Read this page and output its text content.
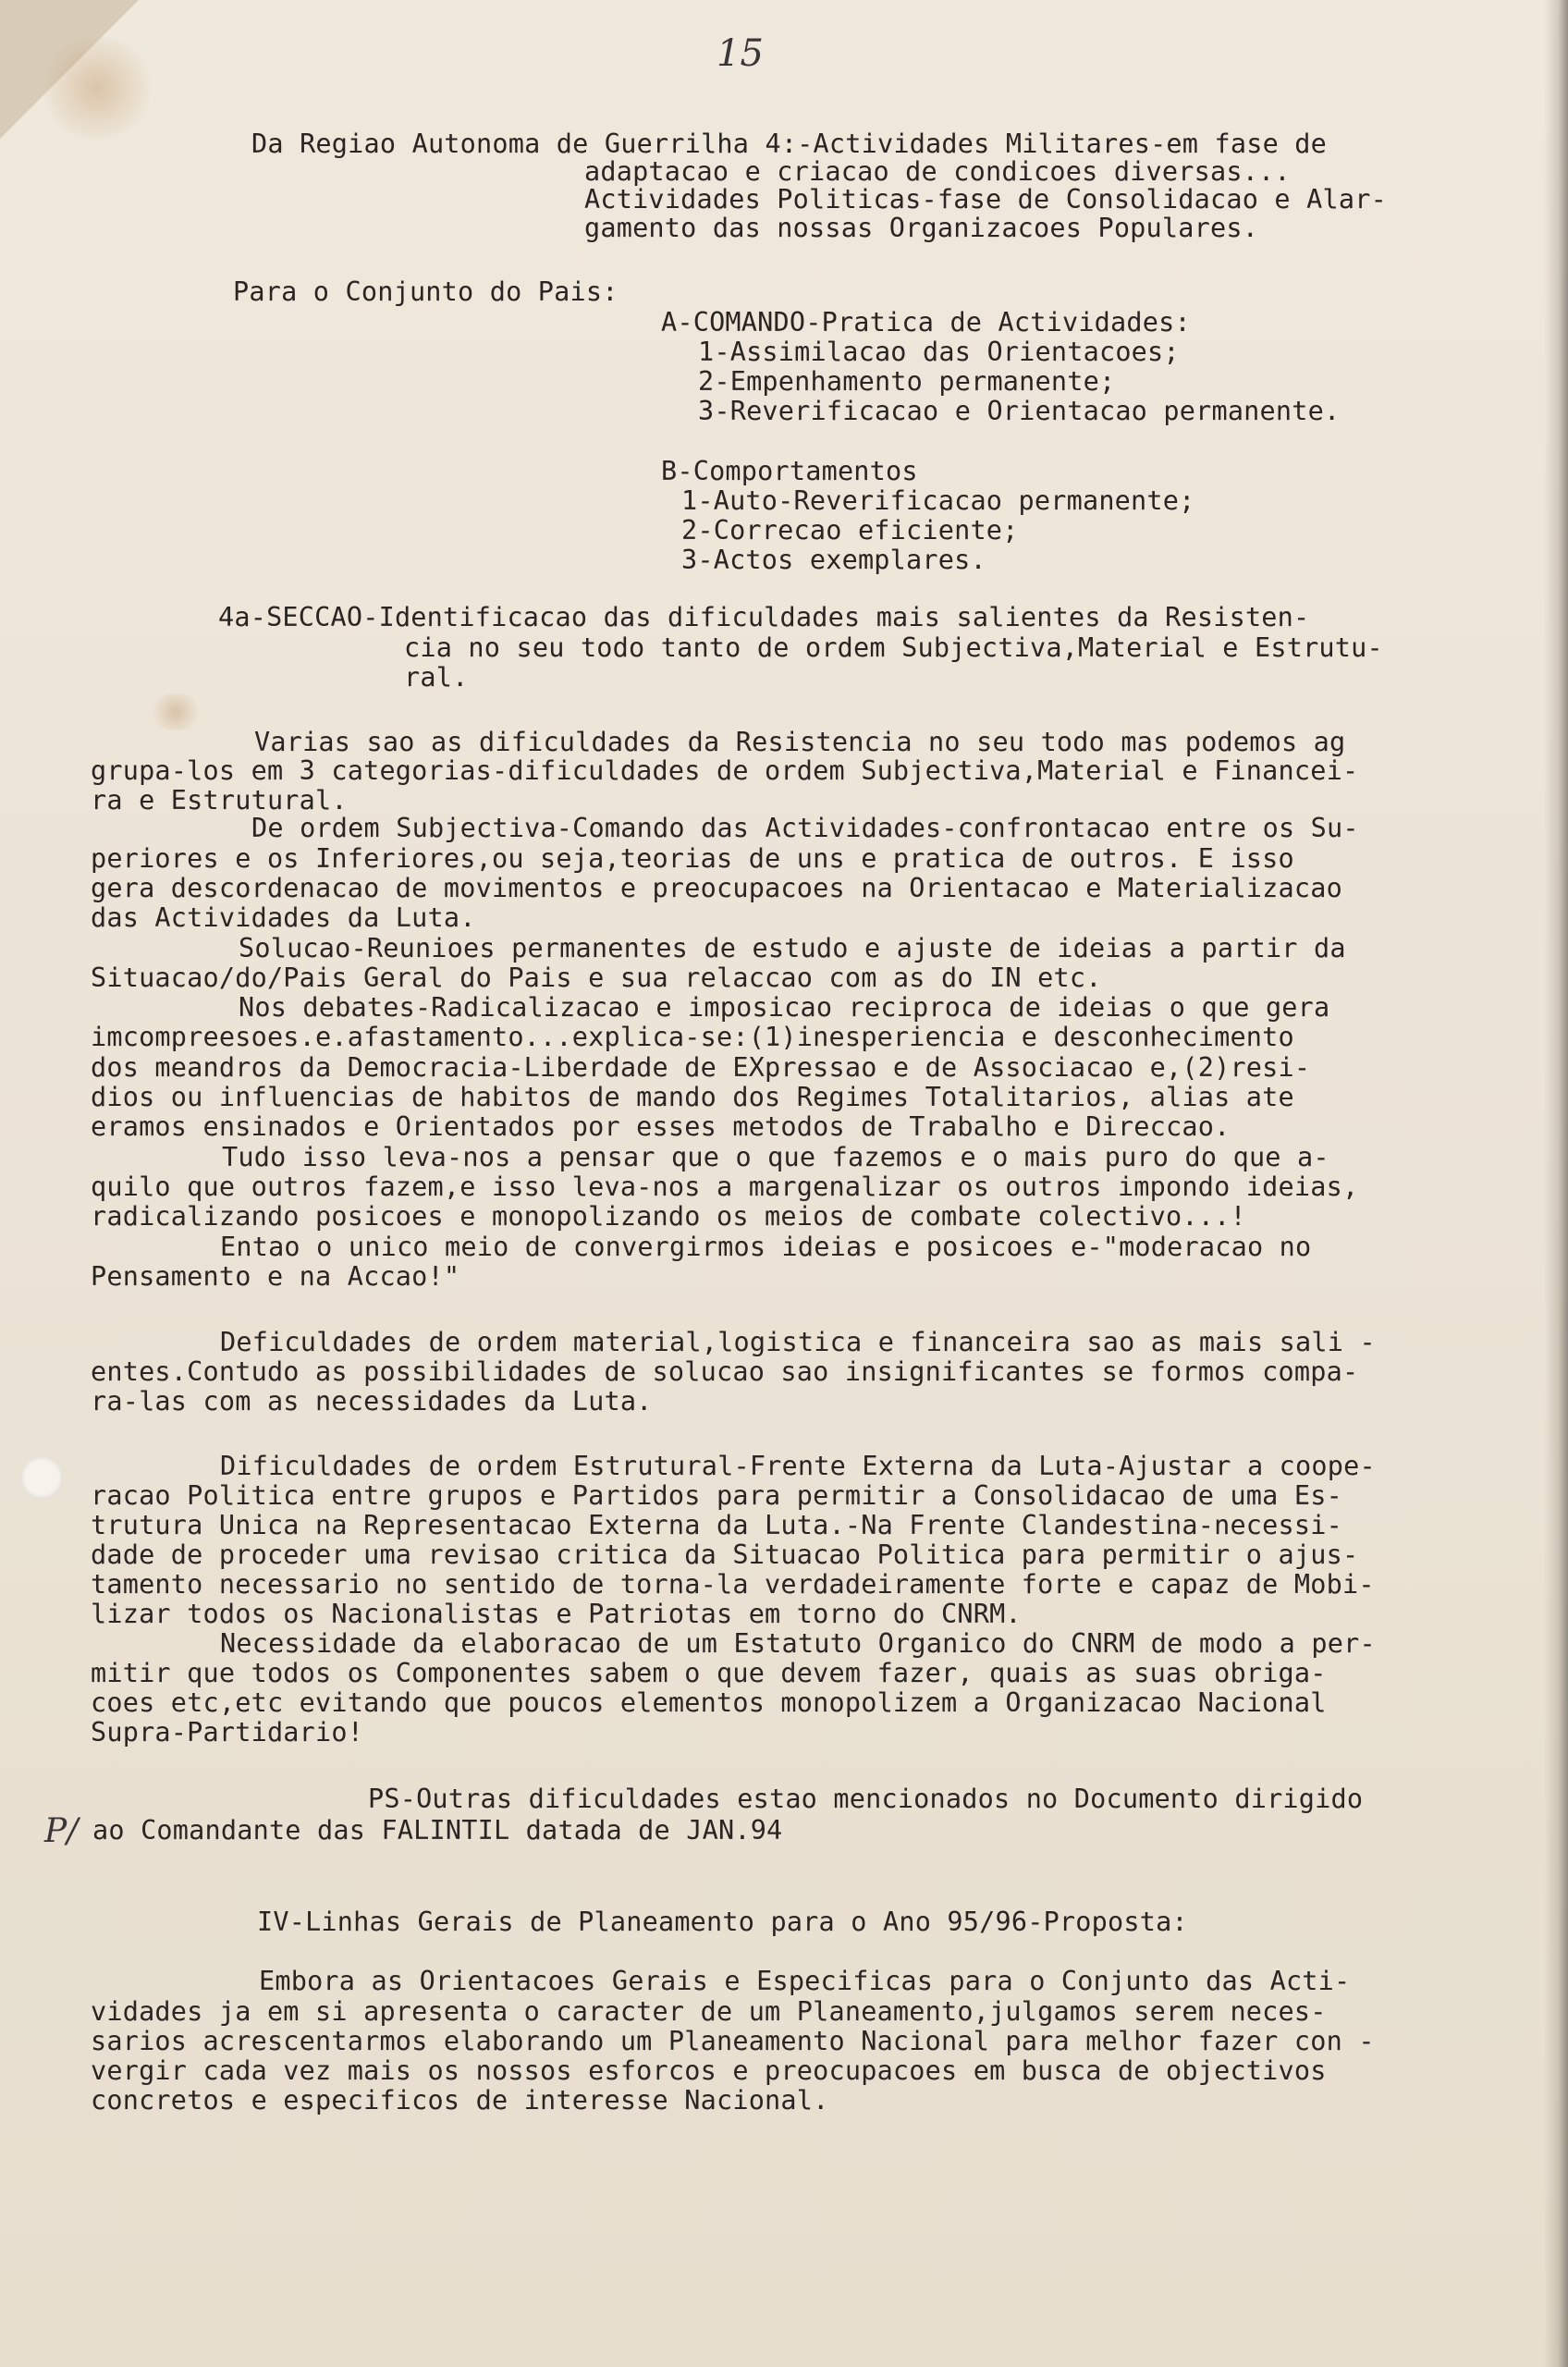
15
P/
Da Regiao Autonoma de Guerrilha 4:-Actividades Militares-em fase de
adaptacao e criacao de condicoes diversas...
Actividades Politicas-fase de Consolidacao e Alar-
gamento das nossas Organizacoes Populares.
Para o Conjunto do Pais:
A-COMANDO-Pratica de Actividades:
1-Assimilacao das Orientacoes;
2-Empenhamento permanente;
3-Reverificacao e Orientacao permanente.
B-Comportamentos
1-Auto-Reverificacao permanente;
2-Correcao eficiente;
3-Actos exemplares.
4a-SECCAO-Identificacao das dificuldades mais salientes da Resisten-
cia no seu todo tanto de ordem Subjectiva,Material e Estrutu-
ral.
Varias sao as dificuldades da Resistencia no seu todo mas podemos ag
grupa-los em 3 categorias-dificuldades de ordem Subjectiva,Material e Financei-
ra e Estrutural.
De ordem Subjectiva-Comando das Actividades-confrontacao entre os Su-
periores e os Inferiores,ou seja,teorias de uns e pratica de outros. E isso
gera descordenacao de movimentos e preocupacoes na Orientacao e Materializacao
das Actividades da Luta.
Solucao-Reunioes permanentes de estudo e ajuste de ideias a partir da
Situacao/do/Pais Geral do Pais e sua relaccao com as do IN etc.
Nos debates-Radicalizacao e imposicao reciproca de ideias o que gera
imcompreesoes.e.afastamento...explica-se:(1)inesperiencia e desconhecimento
dos meandros da Democracia-Liberdade de EXpressao e de Associacao e,(2)resi-
dios ou influencias de habitos de mando dos Regimes Totalitarios, alias ate
eramos ensinados e Orientados por esses metodos de Trabalho e Direccao.
Tudo isso leva-nos a pensar que o que fazemos e o mais puro do que a-
quilo que outros fazem,e isso leva-nos a margenalizar os outros impondo ideias,
radicalizando posicoes e monopolizando os meios de combate colectivo...!
Entao o unico meio de convergirmos ideias e posicoes e-"moderacao no
Pensamento e na Accao!"
Deficuldades de ordem material,logistica e financeira sao as mais sali -
entes.Contudo as possibilidades de solucao sao insignificantes se formos compa-
ra-las com as necessidades da Luta.
Dificuldades de ordem Estrutural-Frente Externa da Luta-Ajustar a coope-
racao Politica entre grupos e Partidos para permitir a Consolidacao de uma Es-
trutura Unica na Representacao Externa da Luta.-Na Frente Clandestina-necessi-
dade de proceder uma revisao critica da Situacao Politica para permitir o ajus-
tamento necessario no sentido de torna-la verdadeiramente forte e capaz de Mobi-
lizar todos os Nacionalistas e Patriotas em torno do CNRM.
Necessidade da elaboracao de um Estatuto Organico do CNRM de modo a per-
mitir que todos os Componentes sabem o que devem fazer, quais as suas obriga-
coes etc,etc evitando que poucos elementos monopolizem a Organizacao Nacional
Supra-Partidario!
PS-Outras dificuldades estao mencionados no Documento dirigido
ao Comandante das FALINTIL datada de JAN.94
IV-Linhas Gerais de Planeamento para o Ano 95/96-Proposta:
Embora as Orientacoes Gerais e Especificas para o Conjunto das Acti-
vidades ja em si apresenta o caracter de um Planeamento,julgamos serem neces-
sarios acrescentarmos elaborando um Planeamento Nacional para melhor fazer con -
vergir cada vez mais os nossos esforcos e preocupacoes em busca de objectivos
concretos e especificos de interesse Nacional.
